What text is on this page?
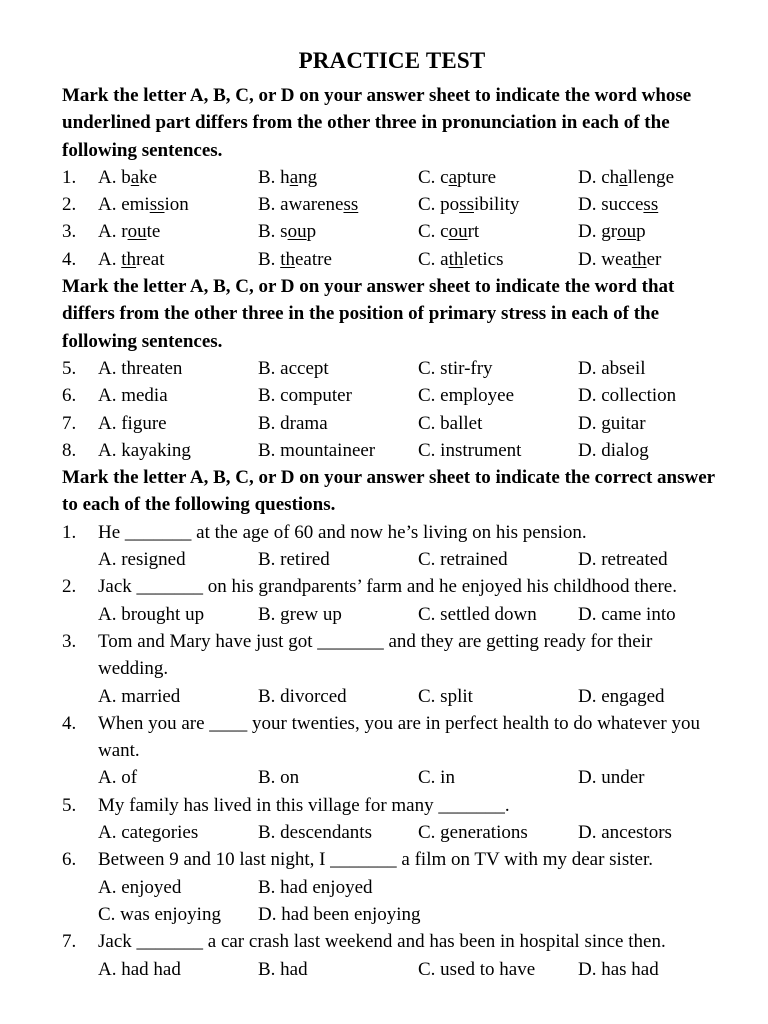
PRACTICE TEST

Mark the letter A, B, C, or D on your answer sheet to indicate the word whose underlined part differs from the other three in pronunciation in each of the following sentences.

1.	A. bake	B. hang	C. capture	D. challenge
2.	A. emission	B. awareness	C. possibility	D. success
3.	A. route	B. soup	C. court	D. group
4.	A. threat	B. theatre	C. athletics	D. weather

Mark the letter A, B, C, or D on your answer sheet to indicate the word that differs from the other three in the position of primary stress in each of the following sentences.

5.	A. threaten	B. accept	C. stir-fry	D. abseil
6.	A. media	B. computer	C. employee	D. collection
7.	A. figure	B. drama	C. ballet	D. guitar
8.	A. kayaking	B. mountaineer	C. instrument	D. dialog

Mark the letter A, B, C, or D on your answer sheet to indicate the correct answer to each of the following questions.

1.	He _______ at the age of 60 and now he’s living on his pension.
A. resigned	B. retired	C. retrained	D. retreated
2.	Jack _______ on his grandparents’ farm and he enjoyed his childhood there.
A. brought up	B. grew up	C. settled down	D. came into
3.	Tom and Mary have just got _______ and they are getting ready for their wedding.
A. married	B. divorced	C. split	D. engaged
4.	When you are ____ your twenties, you are in perfect health to do whatever you want.
A. of	B. on	C. in	D. under
5.	My family has lived in this village for many _______.
A. categories	B. descendants	C. generations	D. ancestors
6.	Between 9 and 10 last night, I _______ a film on TV with my dear sister.
A. enjoyed	B. had enjoyed
C. was enjoying	D. had been enjoying
7.	Jack _______ a car crash last weekend and has been in hospital since then.
A. had had	B. had	C. used to have	D. has had
